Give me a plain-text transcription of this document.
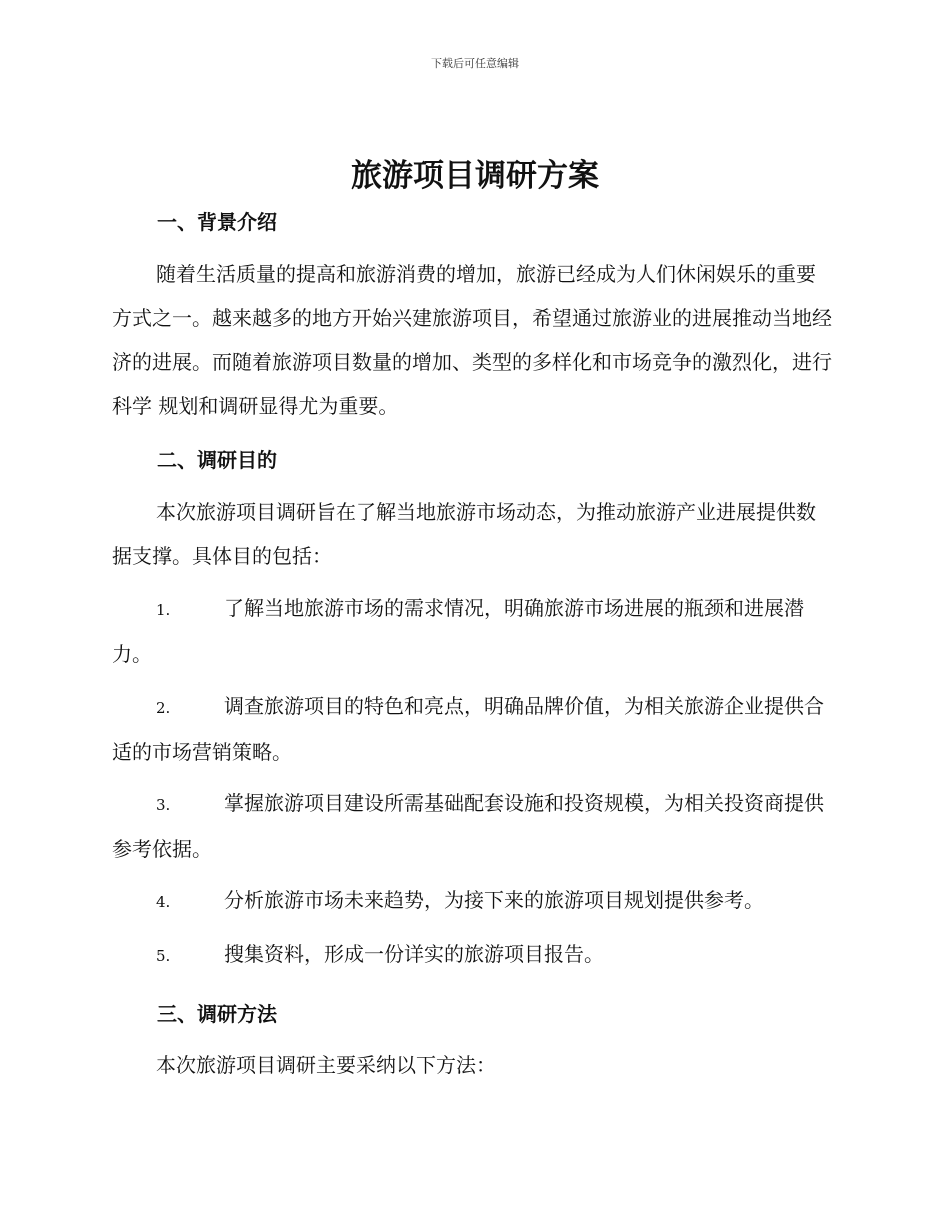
下载后可任意编辑
旅游项目调研方案
一、背景介绍

随着生活质量的提高和旅游消费的增加，旅游已经成为人们休闲娱乐的重要方式之一。越来越多的地方开始兴建旅游项目，希望通过旅游业的进展推动当地经济的进展。而随着旅游项目数量的增加、类型的多样化和市场竞争的激烈化，进行科学 规划和调研显得尤为重要。

二、调研目的

本次旅游项目调研旨在了解当地旅游市场动态，为推动旅游产业进展提供数据支撑。具体目的包括：

1.	了解当地旅游市场的需求情况，明确旅游市场进展的瓶颈和进展潜力。

2.	调查旅游项目的特色和亮点，明确品牌价值，为相关旅游企业提供合适的市场营销策略。

3.	掌握旅游项目建设所需基础配套设施和投资规模，为相关投资商提供参考依据。

4.	分析旅游市场未来趋势，为接下来的旅游项目规划提供参考。

5.	搜集资料，形成一份详实的旅游项目报告。

三、调研方法

本次旅游项目调研主要采纳以下方法：
